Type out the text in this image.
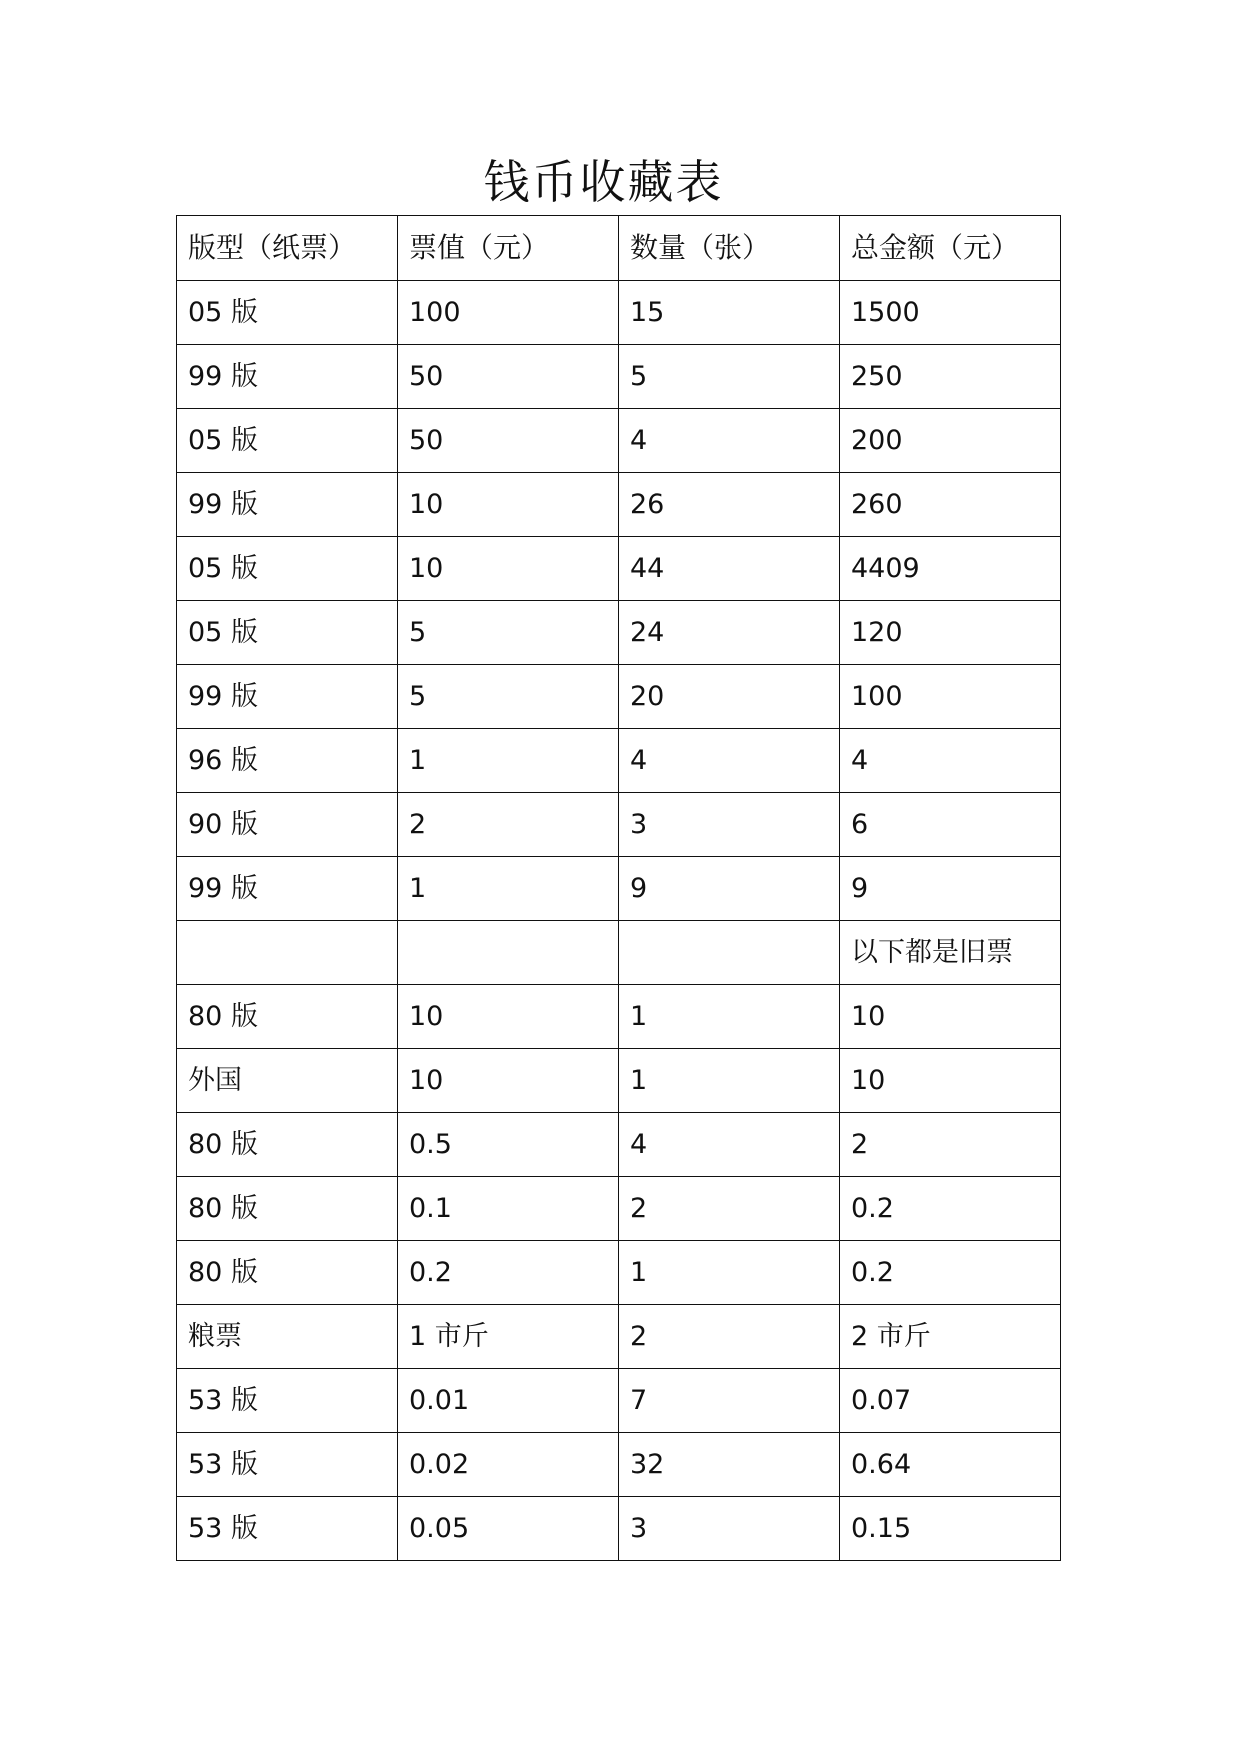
钱币收藏表
版型（纸票）	票值（元）	数量（张）	总金额（元）
05 版	100	15	1500
99 版	50	5	250
05 版	50	4	200
99 版	10	26	260
05 版	10	44	4409
05 版	5	24	120
99 版	5	20	100
96 版	1	4	4
90 版	2	3	6
99 版	1	9	9
			以下都是旧票
80 版	10	1	10
外国	10	1	10
80 版	0.5	4	2
80 版	0.1	2	0.2
80 版	0.2	1	0.2
粮票	1 市斤	2	2 市斤
53 版	0.01	7	0.07
53 版	0.02	32	0.64
53 版	0.05	3	0.15
